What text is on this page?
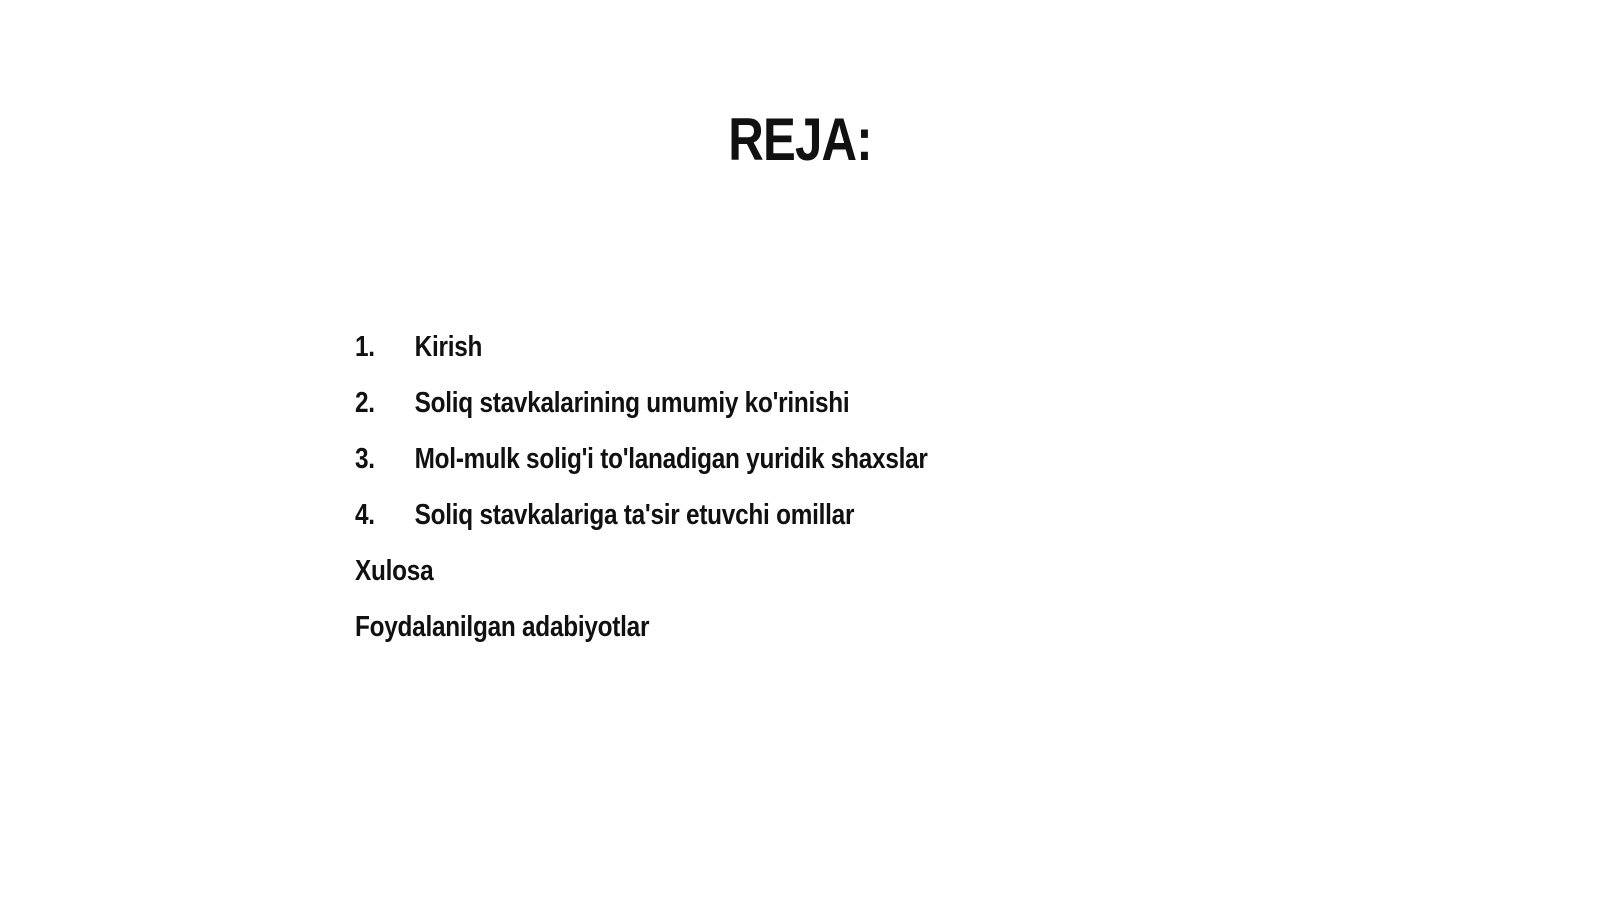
REJA:
1.	Kirish
2.	Soliq stavkalarining umumiy ko'rinishi
3.	Mol-mulk solig'i to'lanadigan yuridik shaxslar
4.	Soliq stavkalariga ta'sir etuvchi omillar
Xulosa
Foydalanilgan adabiyotlar
